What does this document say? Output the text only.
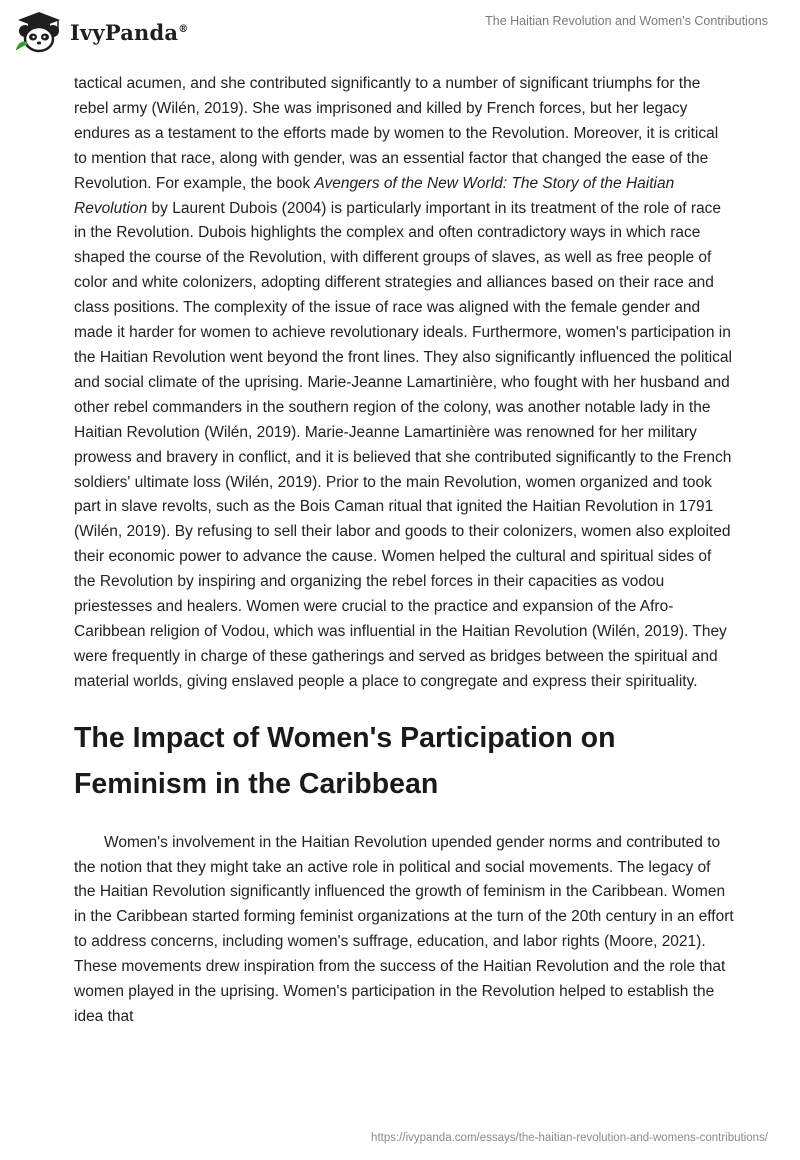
IvyPanda®
The Haitian Revolution and Women's Contributions

tactical acumen, and she contributed significantly to a number of significant triumphs for the rebel army (Wilén, 2019). She was imprisoned and killed by French forces, but her legacy endures as a testament to the efforts made by women to the Revolution. Moreover, it is critical to mention that race, along with gender, was an essential factor that changed the ease of the Revolution. For example, the book Avengers of the New World: The Story of the Haitian Revolution by Laurent Dubois (2004) is particularly important in its treatment of the role of race in the Revolution. Dubois highlights the complex and often contradictory ways in which race shaped the course of the Revolution, with different groups of slaves, as well as free people of color and white colonizers, adopting different strategies and alliances based on their race and class positions. The complexity of the issue of race was aligned with the female gender and made it harder for women to achieve revolutionary ideals. Furthermore, women's participation in the Haitian Revolution went beyond the front lines. They also significantly influenced the political and social climate of the uprising. Marie-Jeanne Lamartinière, who fought with her husband and other rebel commanders in the southern region of the colony, was another notable lady in the Haitian Revolution (Wilén, 2019). Marie-Jeanne Lamartinière was renowned for her military prowess and bravery in conflict, and it is believed that she contributed significantly to the French soldiers' ultimate loss (Wilén, 2019). Prior to the main Revolution, women organized and took part in slave revolts, such as the Bois Caman ritual that ignited the Haitian Revolution in 1791 (Wilén, 2019). By refusing to sell their labor and goods to their colonizers, women also exploited their economic power to advance the cause. Women helped the cultural and spiritual sides of the Revolution by inspiring and organizing the rebel forces in their capacities as vodou priestesses and healers. Women were crucial to the practice and expansion of the Afro-Caribbean religion of Vodou, which was influential in the Haitian Revolution (Wilén, 2019). They were frequently in charge of these gatherings and served as bridges between the spiritual and material worlds, giving enslaved people a place to congregate and express their spirituality.

The Impact of Women's Participation on Feminism in the Caribbean

Women's involvement in the Haitian Revolution upended gender norms and contributed to the notion that they might take an active role in political and social movements. The legacy of the Haitian Revolution significantly influenced the growth of feminism in the Caribbean. Women in the Caribbean started forming feminist organizations at the turn of the 20th century in an effort to address concerns, including women's suffrage, education, and labor rights (Moore, 2021). These movements drew inspiration from the success of the Haitian Revolution and the role that women played in the uprising. Women's participation in the Revolution helped to establish the idea that

https://ivypanda.com/essays/the-haitian-revolution-and-womens-contributions/
